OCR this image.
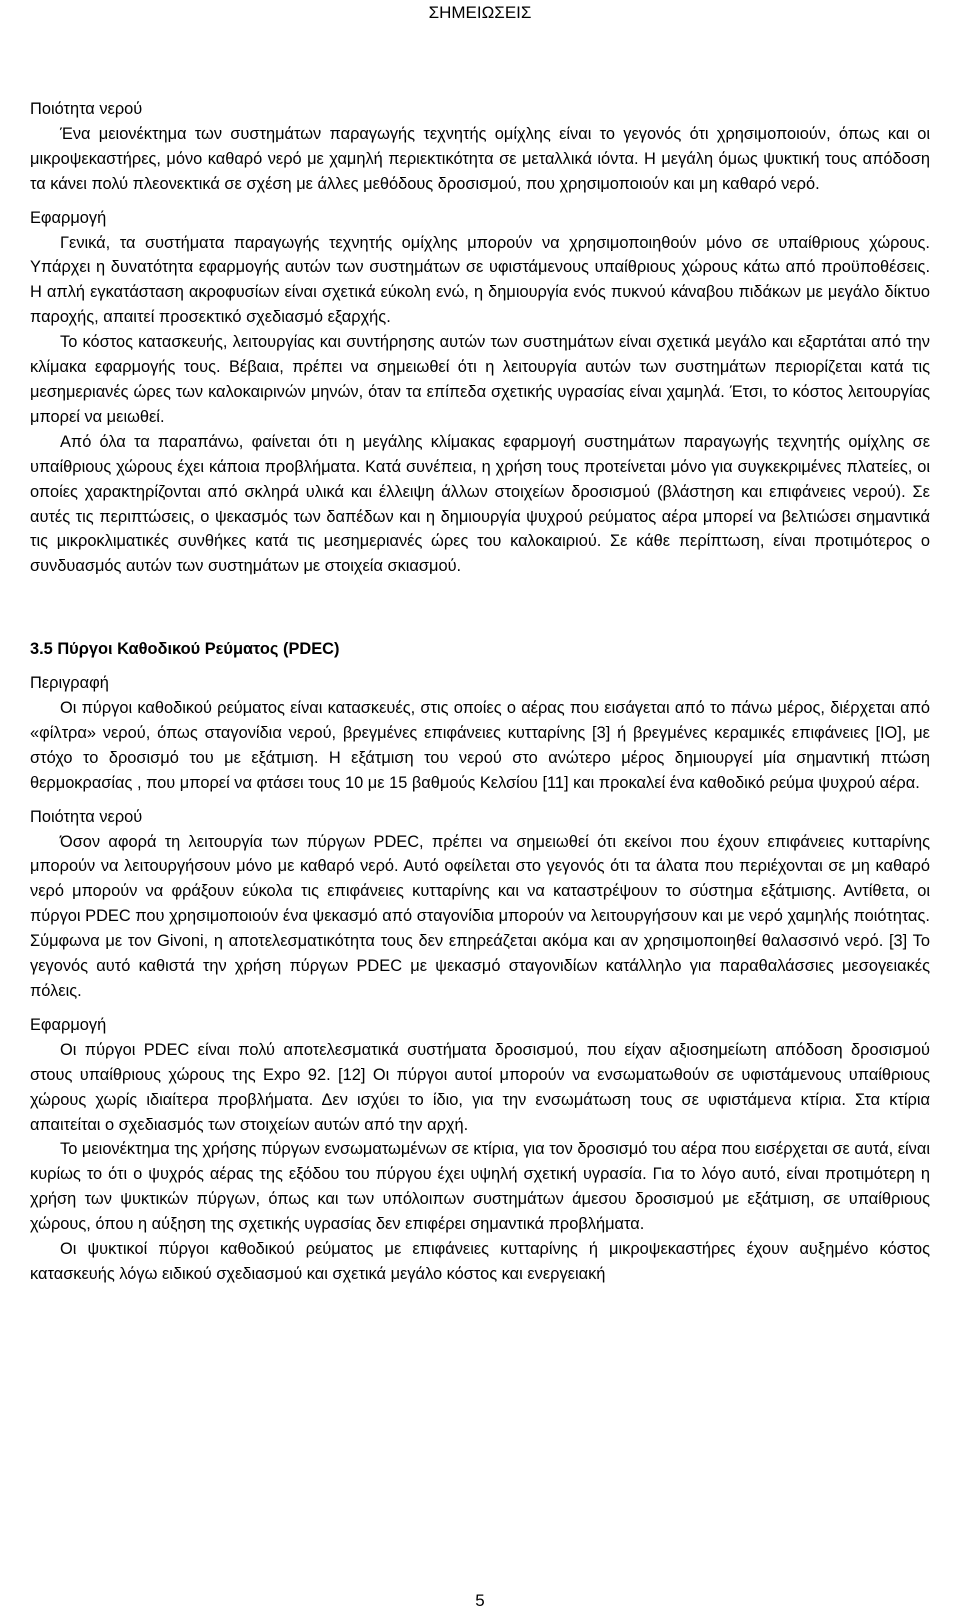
ΣΗΜΕΙΩΣΕΙΣ
Ποιότητα νερού

Ένα μειονέκτημα των συστημάτων παραγωγής τεχνητής ομίχλης είναι το γεγονός ότι χρησιμοποιούν, όπως και οι μικροψεκαστήρες, μόνο καθαρό νερό με χαμηλή περιεκτικότητα σε μεταλλικά ιόντα. Η μεγάλη όμως ψυκτική τους απόδοση τα κάνει πολύ πλεονεκτικά σε σχέση με άλλες μεθόδους δροσισμού, που χρησιμοποιούν και μη καθαρό νερό.

Εφαρμογή

Γενικά, τα συστήματα παραγωγής τεχνητής ομίχλης μπορούν να χρησιμοποιηθούν μόνο σε υπαίθριους χώρους. Υπάρχει η δυνατότητα εφαρμογής αυτών των συστημάτων σε υφιστάμενους υπαίθριους χώρους κάτω από προϋποθέσεις. Η απλή εγκατάσταση ακροφυσίων είναι σχετικά εύκολη ενώ, η δημιουργία ενός πυκνού κάναβου πιδάκων με μεγάλο δίκτυο παροχής, απαιτεί προσεκτικό σχεδιασμό εξαρχής.

Το κόστος κατασκευής, λειτουργίας και συντήρησης αυτών των συστημάτων είναι σχετικά μεγάλο και εξαρτάται από την κλίμακα εφαρμογής τους. Βέβαια, πρέπει να σημειωθεί ότι η λειτουργία αυτών των συστημάτων περιορίζεται κατά τις μεσημεριανές ώρες των καλοκαιρινών μηνών, όταν τα επίπεδα σχετικής υγρασίας είναι χαμηλά. Έτσι, το κόστος λειτουργίας μπορεί να μειωθεί.

Από όλα τα παραπάνω, φαίνεται ότι η μεγάλης κλίμακας εφαρμογή συστημάτων παραγωγής τεχνητής ομίχλης σε υπαίθριους χώρους έχει κάποια προβλήματα. Κατά συνέπεια, η χρήση τους προτείνεται μόνο για συγκεκριμένες πλατείες, οι οποίες χαρακτηρίζονται από σκληρά υλικά και έλλειψη άλλων στοιχείων δροσισμού (βλάστηση και επιφάνειες νερού). Σε αυτές τις περιπτώσεις, ο ψεκασμός των δαπέδων και η δημιουργία ψυχρού ρεύματος αέρα μπορεί να βελτιώσει σημαντικά τις μικροκλιματικές συνθήκες κατά τις μεσημεριανές ώρες του καλοκαιριού. Σε κάθε περίπτωση, είναι προτιμότερος ο συνδυασμός αυτών των συστημάτων με στοιχεία σκιασμού.

3.5 Πύργοι Καθοδικού Ρεύματος (PDEC)
Περιγραφή

Οι πύργοι καθοδικού ρεύματος είναι κατασκευές, στις οποίες ο αέρας που εισάγεται από το πάνω μέρος, διέρχεται από «φίλτρα» νερού, όπως σταγονίδια νερού, βρεγμένες επιφάνειες κυτταρίνης [3] ή βρεγμένες κεραμικές επιφάνειες [ΙΟ], με στόχο το δροσισμό του με εξάτμιση. Η εξάτμιση του νερού στο ανώτερο μέρος δημιουργεί μία σημαντική πτώση θερμοκρασίας , που μπορεί να φτάσει τους 10 με 15 βαθμούς Κελσίου [11] και προκαλεί ένα καθοδικό ρεύμα ψυχρού αέρα.

Ποιότητα νερού

Όσον αφορά τη λειτουργία των πύργων PDEC, πρέπει να σημειωθεί ότι εκείνοι που έχουν επιφάνειες κυτταρίνης μπορούν να λειτουργήσουν μόνο με καθαρό νερό. Αυτό οφείλεται στο γεγονός ότι τα άλατα που περιέχονται σε μη καθαρό νερό μπορούν να φράξουν εύκολα τις επιφάνειες κυτταρίνης και να καταστρέψουν το σύστημα εξάτμισης. Αντίθετα, οι πύργοι PDEC που χρησιμοποιούν ένα ψεκασμό από σταγονίδια μπορούν να λειτουργήσουν και με νερό χαμηλής ποιότητας. Σύμφωνα με τον Givoni, η αποτελεσματικότητα τους δεν επηρεάζεται ακόμα και αν χρησιμοποιηθεί θαλασσινό νερό. [3] Το γεγονός αυτό καθιστά την χρήση πύργων PDEC με ψεκασμό σταγονιδίων κατάλληλο για παραθαλάσσιες μεσογειακές πόλεις.

Εφαρμογή

Οι πύργοι PDEC είναι πολύ αποτελεσματικά συστήματα δροσισμού, που είχαν αξιοσημείωτη απόδοση δροσισμού στους υπαίθριους χώρους της Expo 92. [12] Οι πύργοι αυτοί μπορούν να ενσωματωθούν σε υφιστάμενους υπαίθριους χώρους χωρίς ιδιαίτερα προβλήματα. Δεν ισχύει το ίδιο, για την ενσωμάτωση τους σε υφιστάμενα κτίρια. Στα κτίρια απαιτείται ο σχεδιασμός των στοιχείων αυτών από την αρχή.

Το μειονέκτημα της χρήσης πύργων ενσωματωμένων σε κτίρια, για τον δροσισμό του αέρα που εισέρχεται σε αυτά, είναι κυρίως το ότι ο ψυχρός αέρας της εξόδου του πύργου έχει υψηλή σχετική υγρασία. Για το λόγο αυτό, είναι προτιμότερη η χρήση των ψυκτικών πύργων, όπως και των υπόλοιπων συστημάτων άμεσου δροσισμού με εξάτμιση, σε υπαίθριους χώρους, όπου η αύξηση της σχετικής υγρασίας δεν επιφέρει σημαντικά προβλήματα.

Οι ψυκτικοί πύργοι καθοδικού ρεύματος με επιφάνειες κυτταρίνης ή μικροψεκαστήρες έχουν αυξημένο κόστος κατασκευής λόγω ειδικού σχεδιασμού και σχετικά μεγάλο κόστος και ενεργειακή

5
